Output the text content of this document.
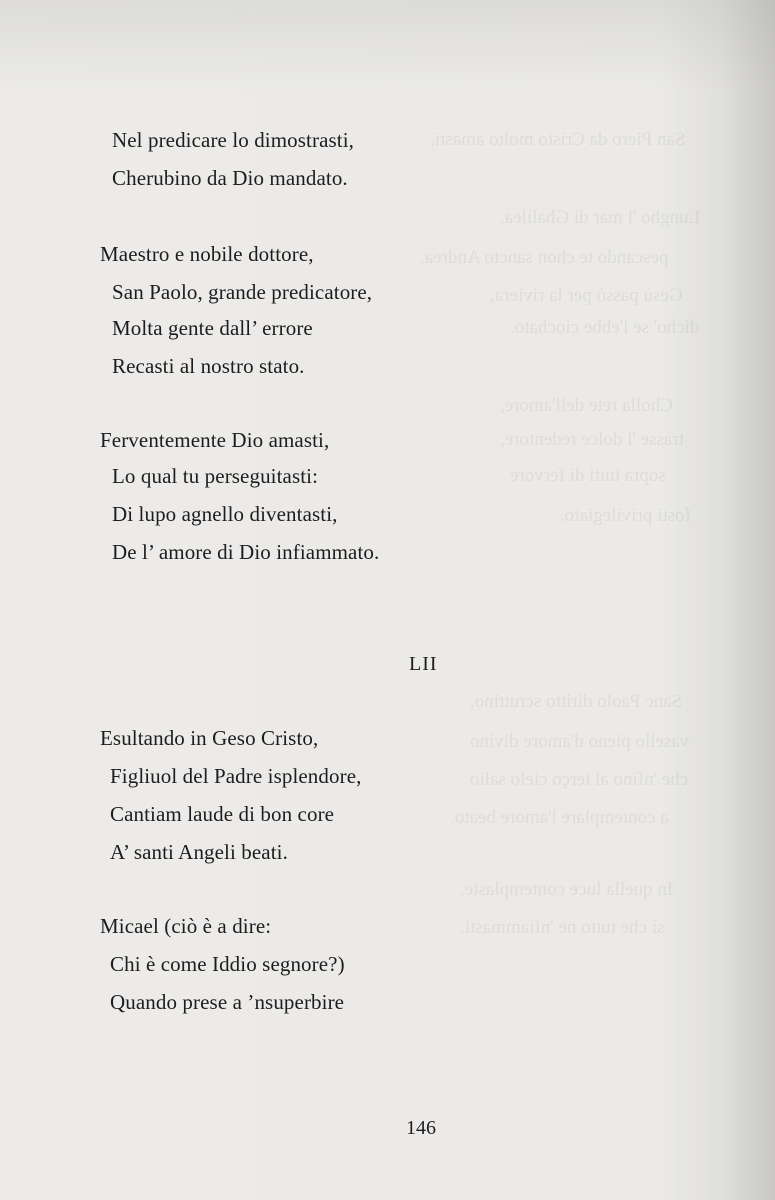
San Piero da Cristo molto amasti,
Lungho 'l mar di Ghalilea,
pescando te chon sancto Andrea,
Gesù passò per la riviera,
dicho' se l'ebbe ciochato.
Cholla rete dell'amore,
trasse 'l dolce redentore,
sopra tutti di fervore
fosti privilegiato.
Sanc Paolo diritto scruttino,
vasello pieno d'amore divino
che 'nfino al terço cielo salio
a contemplare l'amore beato.
In quella luce contemplaste,
sì che tutto ne 'nfiammasti.
Nel predicare lo dimostrasti,
Cherubino da Dio mandato.
Maestro e nobile dottore,
San Paolo, grande predicatore,
Molta gente dall’ errore
Recasti al nostro stato.
Ferventemente Dio amasti,
Lo qual tu perseguitasti:
Di lupo agnello diventasti,
De l’ amore di Dio infiammato.
LII
Esultando in Geso Cristo,
Figliuol del Padre isplendore,
Cantiam laude di bon core
A’ santi Angeli beati.
Micael (ciò è a dire:
Chi è come Iddio segnore?)
Quando prese a ’nsuperbire
146
